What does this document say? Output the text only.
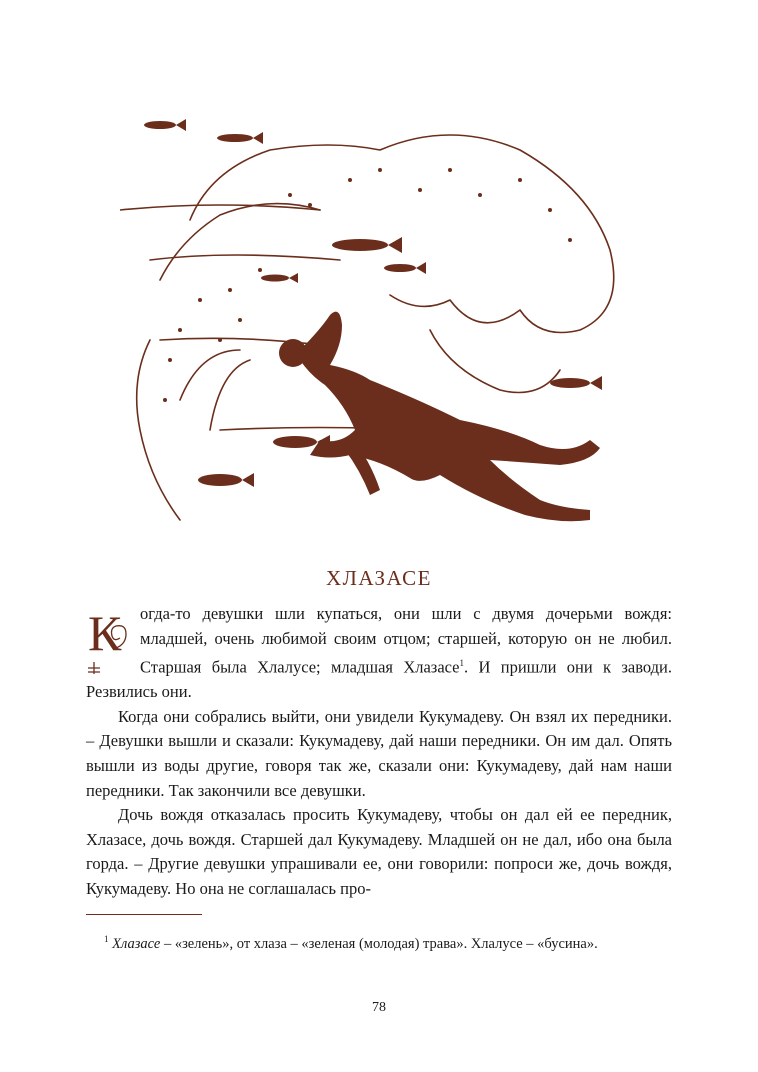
ХЛАЗАСЕ

К огда-то девушки шли купаться, они шли с двумя дочерьми вождя: младшей, очень любимой своим отцом; старшей, которую он не любил. Старшая была Хлалусе; младшая Хлазасе$^1$. И пришли они к заводи. Резвились они.

Когда они собрались выйти, они увидели Кукумадеву. Он взял их передники. – Девушки вышли и сказали: Кукумадеву, дай наши передники. Он им дал. Опять вышли из воды другие, говоря так же, сказали они: Кукумадеву, дай нам наши передники. Так закончили все девушки.

Дочь вождя отказалась просить Кукумадеву, чтобы он дал ей ее передник, Хлазасе, дочь вождя. Старшей дал Кукумадеву. Младшей он не дал, ибо она была горда. – Другие девушки упрашивали ее, они говорили: попроси же, дочь вождя, Кукумадеву. Но она не соглашалась про-

$^1$ Хлазасе – «зелень», от хлаза – «зеленая (молодая) трава». Хлалусе – «бусина».
78
